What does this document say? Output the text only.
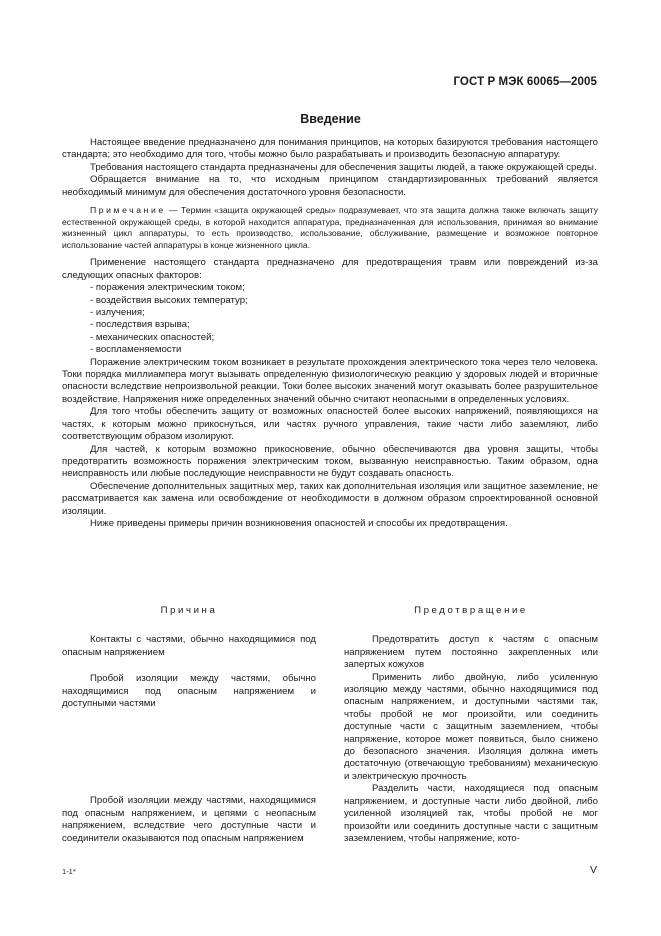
ГОСТ Р МЭК 60065—2005
Введение

Настоящее введение предназначено для понимания принципов, на которых базируются требования настоящего стандарта; это необходимо для того, чтобы можно было разрабатывать и производить безопасную аппаратуру.

Требования настоящего стандарта предназначены для обеспечения защиты людей, а также окружающей среды.

Обращается внимание на то, что исходным принципом стандартизированных требований является необходимый минимум для обеспечения достаточного уровня безопасности.

Примечание — Термин «защита окружающей среды» подразумевает, что эта защита должна также включать защиту естественной окружающей среды, в которой находится аппаратура, предназначенная для использования, принимая во внимание жизненный цикл аппаратуры, то есть производство, использование, обслуживание, размещение и возможное повторное использование частей аппаратуры в конце жизненного цикла.

Применение настоящего стандарта предназначено для предотвращения травм или повреждений из-за следующих опасных факторов:

- поражения электрическим током;
- воздействия высоких температур;
- излучения;
- последствия взрыва;
- механических опасностей;
- воспламеняемости

Поражение электрическим током возникает в результате прохождения электрического тока через тело человека. Токи порядка миллиампера могут вызывать определенную физиологическую реакцию у здоровых людей и вторичные опасности вследствие непроизвольной реакции. Токи более высоких значений могут оказывать более разрушительное воздействие. Напряжения ниже определенных значений обычно считают неопасными в определенных условиях.

Для того чтобы обеспечить защиту от возможных опасностей более высоких напряжений, появляющихся на частях, к которым можно прикоснуться, или частях ручного управления, такие части либо заземляют, либо соответствующим образом изолируют.

Для частей, к которым возможно прикосновение, обычно обеспечиваются два уровня защиты, чтобы предотвратить возможность поражения электрическим током, вызванную неисправностью. Таким образом, одна неисправность или любые последующие неисправности не будут создавать опасность.

Обеспечение дополнительных защитных мер, таких как дополнительная изоляция или защитное заземление, не рассматривается как замена или освобождение от необходимости в должном образом спроектированной основной изоляции.

Ниже приведены примеры причин возникновения опасностей и способы их предотвращения.

Причина

Контакты с частями, обычно находящимися под опасным напряжением

Пробой изоляции между частями, обычно находящимися под опасным напряжением и доступными частями

Пробой изоляции между частями, находящимися под опасным напряжением, и цепями с неопасным напряжением, вследствие чего доступные части и соединители оказываются под опасным напряжением

Предотвращение

Предотвратить доступ к частям с опасным напряжением путем постоянно закрепленных или запертых кожухов

Применить либо двойную, либо усиленную изоляцию между частями, обычно находящимися под опасным напряжением, и доступными частями так, чтобы пробой не мог произойти, или соединить доступные части с защитным заземлением, чтобы напряжение, которое может появиться, было снижено до безопасного значения. Изоляция должна иметь достаточную (отвечающую требованиям) механическую и электрическую прочность

Разделить части, находящиеся под опасным напряжением, и доступные части либо двойной, либо усиленной изоляцией так, чтобы пробой не мог произойти или соединить доступные части с защитным заземлением, чтобы напряжение, кото-

1-1*	V
